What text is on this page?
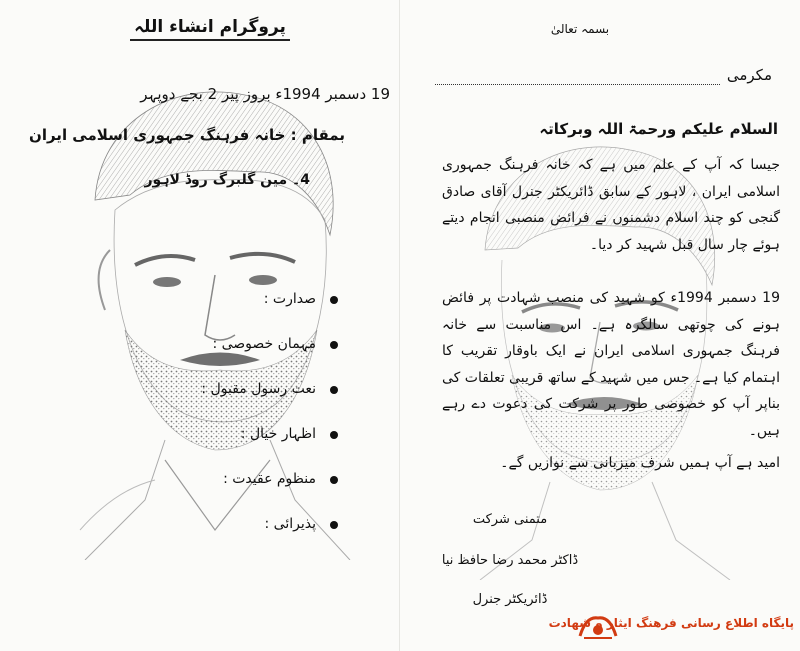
پروگرام انشاء اللہ
19 دسمبر 1994ء بروز پیر 2 بجے دوپہر
بمقام : خانہ فرہنگ جمہوری اسلامی ایران
4۔ مین گلبرگ روڈ لاہور
صدارت :
مہمان خصوصی :
نعت رسول مقبول :
اظہار خیال :
منظوم عقیدت :
پذیرائی :
بسمہ تعالیٰ
مکرمی
السلام علیکم ورحمۃ اللہ وبرکاتہ
جیسا کہ آپ کے علم میں ہے کہ خانہ فرہنگ جمہوری اسلامی ایران ، لاہور کے سابق ڈائریکٹر جنرل آقای صادق گنجی کو چند اسلام دشمنوں نے فرائض منصبی انجام دیتے ہوئے چار سال قبل شہید کر دیا۔
19 دسمبر 1994ء کو شہید کی منصب شہادت پر فائض ہونے کی چوتھی سالگرہ ہے۔ اس مناسبت سے خانہ فرہنگ جمہوری اسلامی ایران نے ایک باوقار تقریب کا اہتمام کیا ہے۔ جس میں شہید کے ساتھ قریبی تعلقات کی بناپر آپ کو خصوصی طور پر شرکت کی دعوت دے رہے ہیں۔
امید ہے آپ ہمیں شرف میزبانی سے نوازیں گے۔
متمنی شرکت
ڈاکٹر محمد رضا حافظ نیا
ڈائریکٹر جنرل
پایگاه اطلاع رسانی فرهنگ ایثار و شهادت
